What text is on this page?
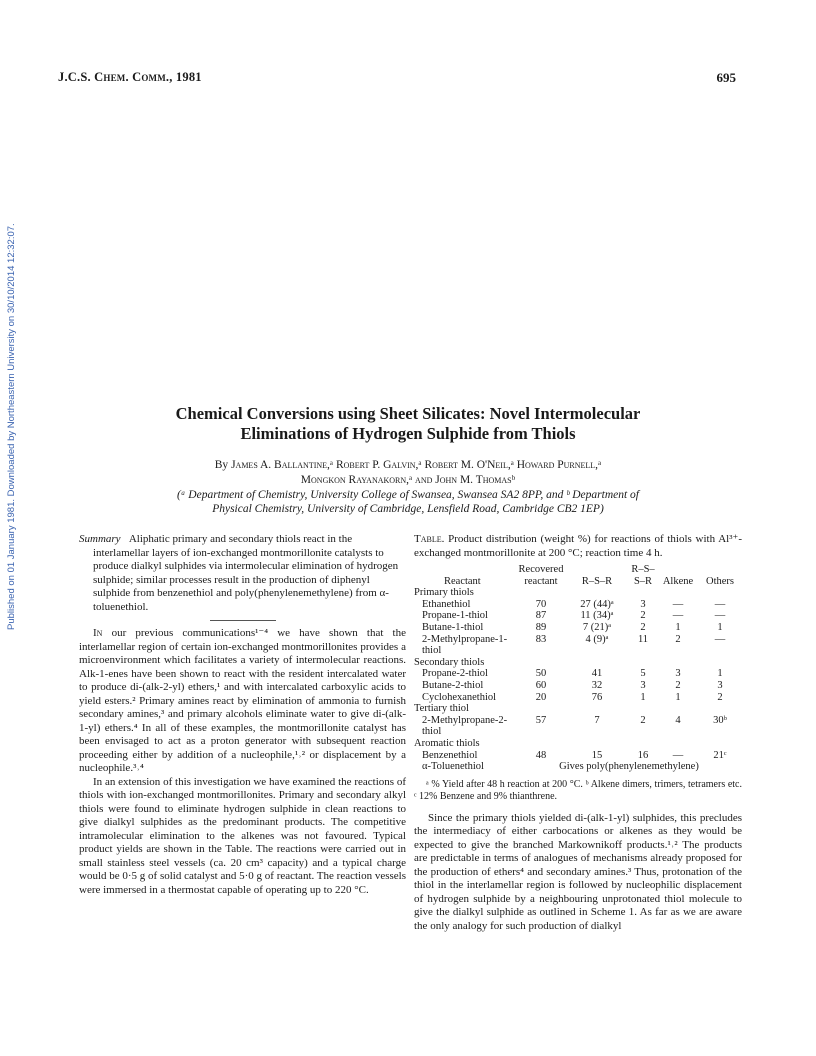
J.C.S. Chem. Comm., 1981	695
Published on 01 January 1981. Downloaded by Northeastern University on 30/10/2014 12:32:07.	Chemical Conversions using Sheet Silicates: Novel Intermolecular
Eliminations of Hydrogen Sulphide from Thiols
By James A. Ballantine,ᵃ Robert P. Galvin,ᵃ Robert M. O'Neil,ᵃ Howard Purnell,ᵃ
Mongkon Rayanakorn,ᵃ and John M. Thomasᵇ
(ᵃ Department of Chemistry, University College of Swansea, Swansea SA2 8PP, and ᵇ Department of
Physical Chemistry, University of Cambridge, Lensfield Road, Cambridge CB2 1EP)

Summary Aliphatic primary and secondary thiols react in the interlamellar layers of ion-exchanged montmorillonite catalysts to produce dialkyl sulphides via intermolecular elimination of hydrogen sulphide; similar processes result in the production of diphenyl sulphide from benzenethiol and poly(phenylenemethylene) from α-toluenethiol.

In our previous communications¹⁻⁴ we have shown that the interlamellar region of certain ion-exchanged montmorillonites provides a microenvironment which facilitates a variety of intermolecular reactions. Alk-1-enes have been shown to react with the resident intercalated water to produce di-(alk-2-yl) ethers,¹ and with intercalated carboxylic acids to yield esters.² Primary amines react by elimination of ammonia to furnish secondary amines,³ and primary alcohols eliminate water to give di-(alk-1-yl) ethers.⁴ In all of these examples, the montmorillonite catalyst has been envisaged to act as a proton generator with subsequent reaction proceeding either by addition of a nucleophile,¹˒² or displacement by a nucleophile.³˒⁴

In an extension of this investigation we have examined the reactions of thiols with ion-exchanged montmorillonites. Primary and secondary alkyl thiols were found to eliminate hydrogen sulphide in clean reactions to give dialkyl sulphides as the predominant products. The competitive intramolecular elimination to the alkenes was not favoured. Typical product yields are shown in the Table. The reactions were carried out in small stainless steel vessels (ca. 20 cm³ capacity) and a typical charge would be 0·5 g of solid catalyst and 5·0 g of reactant. The reaction vessels were immersed in a thermostat capable of operating up to 220 °C.

Table. Product distribution (weight %) for reactions of thiols with Al³⁺-exchanged montmorillonite at 200 °C; reaction time 4 h.
	Recovered		R–S–		
Reactant	reactant	R–S–R	S–R	Alkene	Others
Primary thiols					
Ethanethiol	70	27 (44)ᵃ	3	—	—
Propane-1-thiol	87	11 (34)ᵃ	2	—	—
Butane-1-thiol	89	7 (21)ᵃ	2	1	1
2-Methylpropane-1-	83	4 (9)ᵃ	11	2	—
thiol					
Secondary thiols					
Propane-2-thiol	50	41	5	3	1
Butane-2-thiol	60	32	3	2	3
Cyclohexanethiol	20	76	1	1	2
Tertiary thiol					
2-Methylpropane-2-	57	7	2	4	30ᵇ
thiol					
Aromatic thiols					
Benzenethiol	48	15	16	—	21ᶜ
α-Toluenethiol	Gives poly(phenylenemethylene)				
ᵃ % Yield after 48 h reaction at 200 °C. ᵇ Alkene dimers, trimers, tetramers etc. ᶜ 12% Benzene and 9% thianthrene.
Since the primary thiols yielded di-(alk-1-yl) sulphides, this precludes the intermediacy of either carbocations or alkenes as they would be expected to give the branched Markownikoff products.¹˒² The products are predictable in terms of analogues of mechanisms already proposed for the production of ethers⁴ and secondary amines.³ Thus, protonation of the thiol in the interlamellar region is followed by nucleophilic displacement of hydrogen sulphide by a neighbouring unprotonated thiol molecule to give the dialkyl sulphide as outlined in Scheme 1. As far as we are aware the only analogy for such production of dialkyl
